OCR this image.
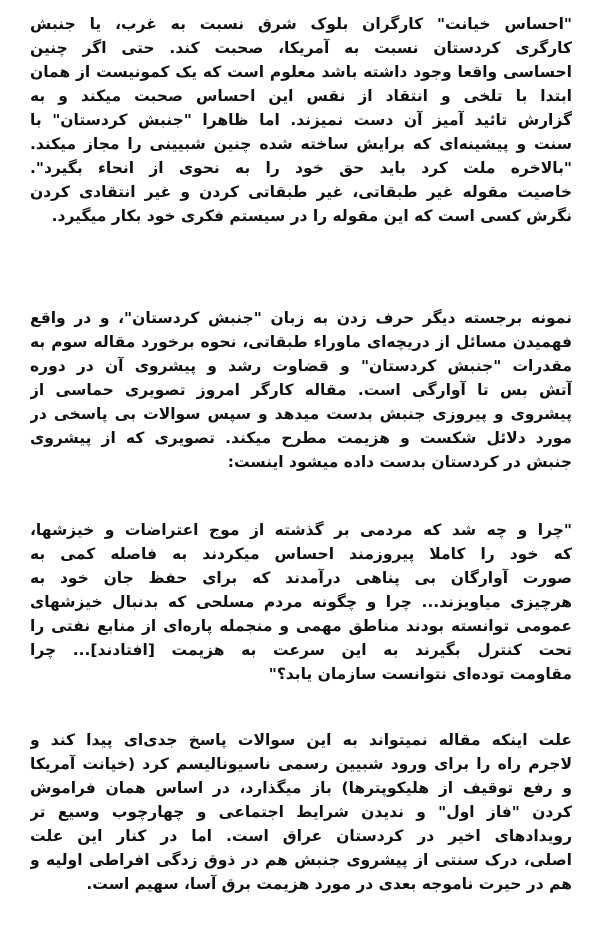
"احساس خیانت" کارگران بلوک شرق نسبت به غرب، یا جنبش
کارگری کردستان نسبت به آمریکا، صحبت کند. حتی اگر چنین
احساسی واقعا وجود داشته باشد معلوم است که یک کمونیست از همان
ابتدا با تلخی و انتقاد از نقس این احساس صحبت میکند و به
گزارش تائید آمیز آن دست نمیزند. اما ظاهرا "جنبش کردستان" با
سنت و پیشینه‌ای که برایش ساخته شده چنین شبیینی را مجاز میکند.
"بالاخره ملت کرد باید حق خود را به نحوی از انحاء بگیرد".
خاصیت مقوله غیر طبقاتی، غیر طبقاتی کردن و غیر انتقادی کردن
نگرش کسی است که این مقوله را در سیستم فکری خود بکار میگیرد.
نمونه برجسته دیگر حرف زدن به زبان "جنبش کردستان"، و در واقع
فهمیدن مسائل از دریچه‌ای ماوراء طبقاتی، نحوه برخورد مقاله سوم به
مقدرات "جنبش کردستان" و قضاوت رشد و پیشروی آن در دوره
آتش بس تا آوارگی است. مقاله کارگر امروز تصویری حماسی از
پیشروی و پیروزی جنبش بدست میدهد و سپس سوالات بی پاسخی در
مورد دلائل شکست و هزیمت مطرح میکند. تصویری که از پیشروی
جنبش در کردستان بدست داده میشود اینست:
"چرا و چه شد که مردمی بر گذشته از موج اعتراضات و خیزشها،
که خود را کاملا پیروزمند احساس میکردند به فاصله کمی به
صورت آوارگان بی پناهی درآمدند که برای حفظ جان خود به
هرچیزی میاویزند... چرا و چگونه مردم مسلحی که بدنبال خیزشهای
عمومی توانسته بودند مناطق مهمی و منجمله پاره‌ای از منابع نفتی را
تحت کنترل بگیرند به این سرعت به هزیمت [افتادند]... چرا
مقاومت توده‌ای نتوانست سازمان یابد؟"
علت اینکه مقاله نمیتواند به این سوالات پاسخ جدی‌ای پیدا کند و
لاجرم راه را برای ورود شبیین رسمی ناسیونالیسم کرد (خیانت آمریکا
و رفع توقیف از هلیکوپترها) باز میگذارد، در اساس همان فراموش
کردن "فاز اول" و ندیدن شرایط اجتماعی و چهارچوب وسیع تر
رویدادهای اخیر در کردستان عراق است. اما در کنار این علت
اصلی، درک سنتی از پیشروی جنبش هم در ذوق زدگی افراطی اولیه و
هم در حیرت ناموجه بعدی در مورد هزیمت برق آسا، سهیم است.
